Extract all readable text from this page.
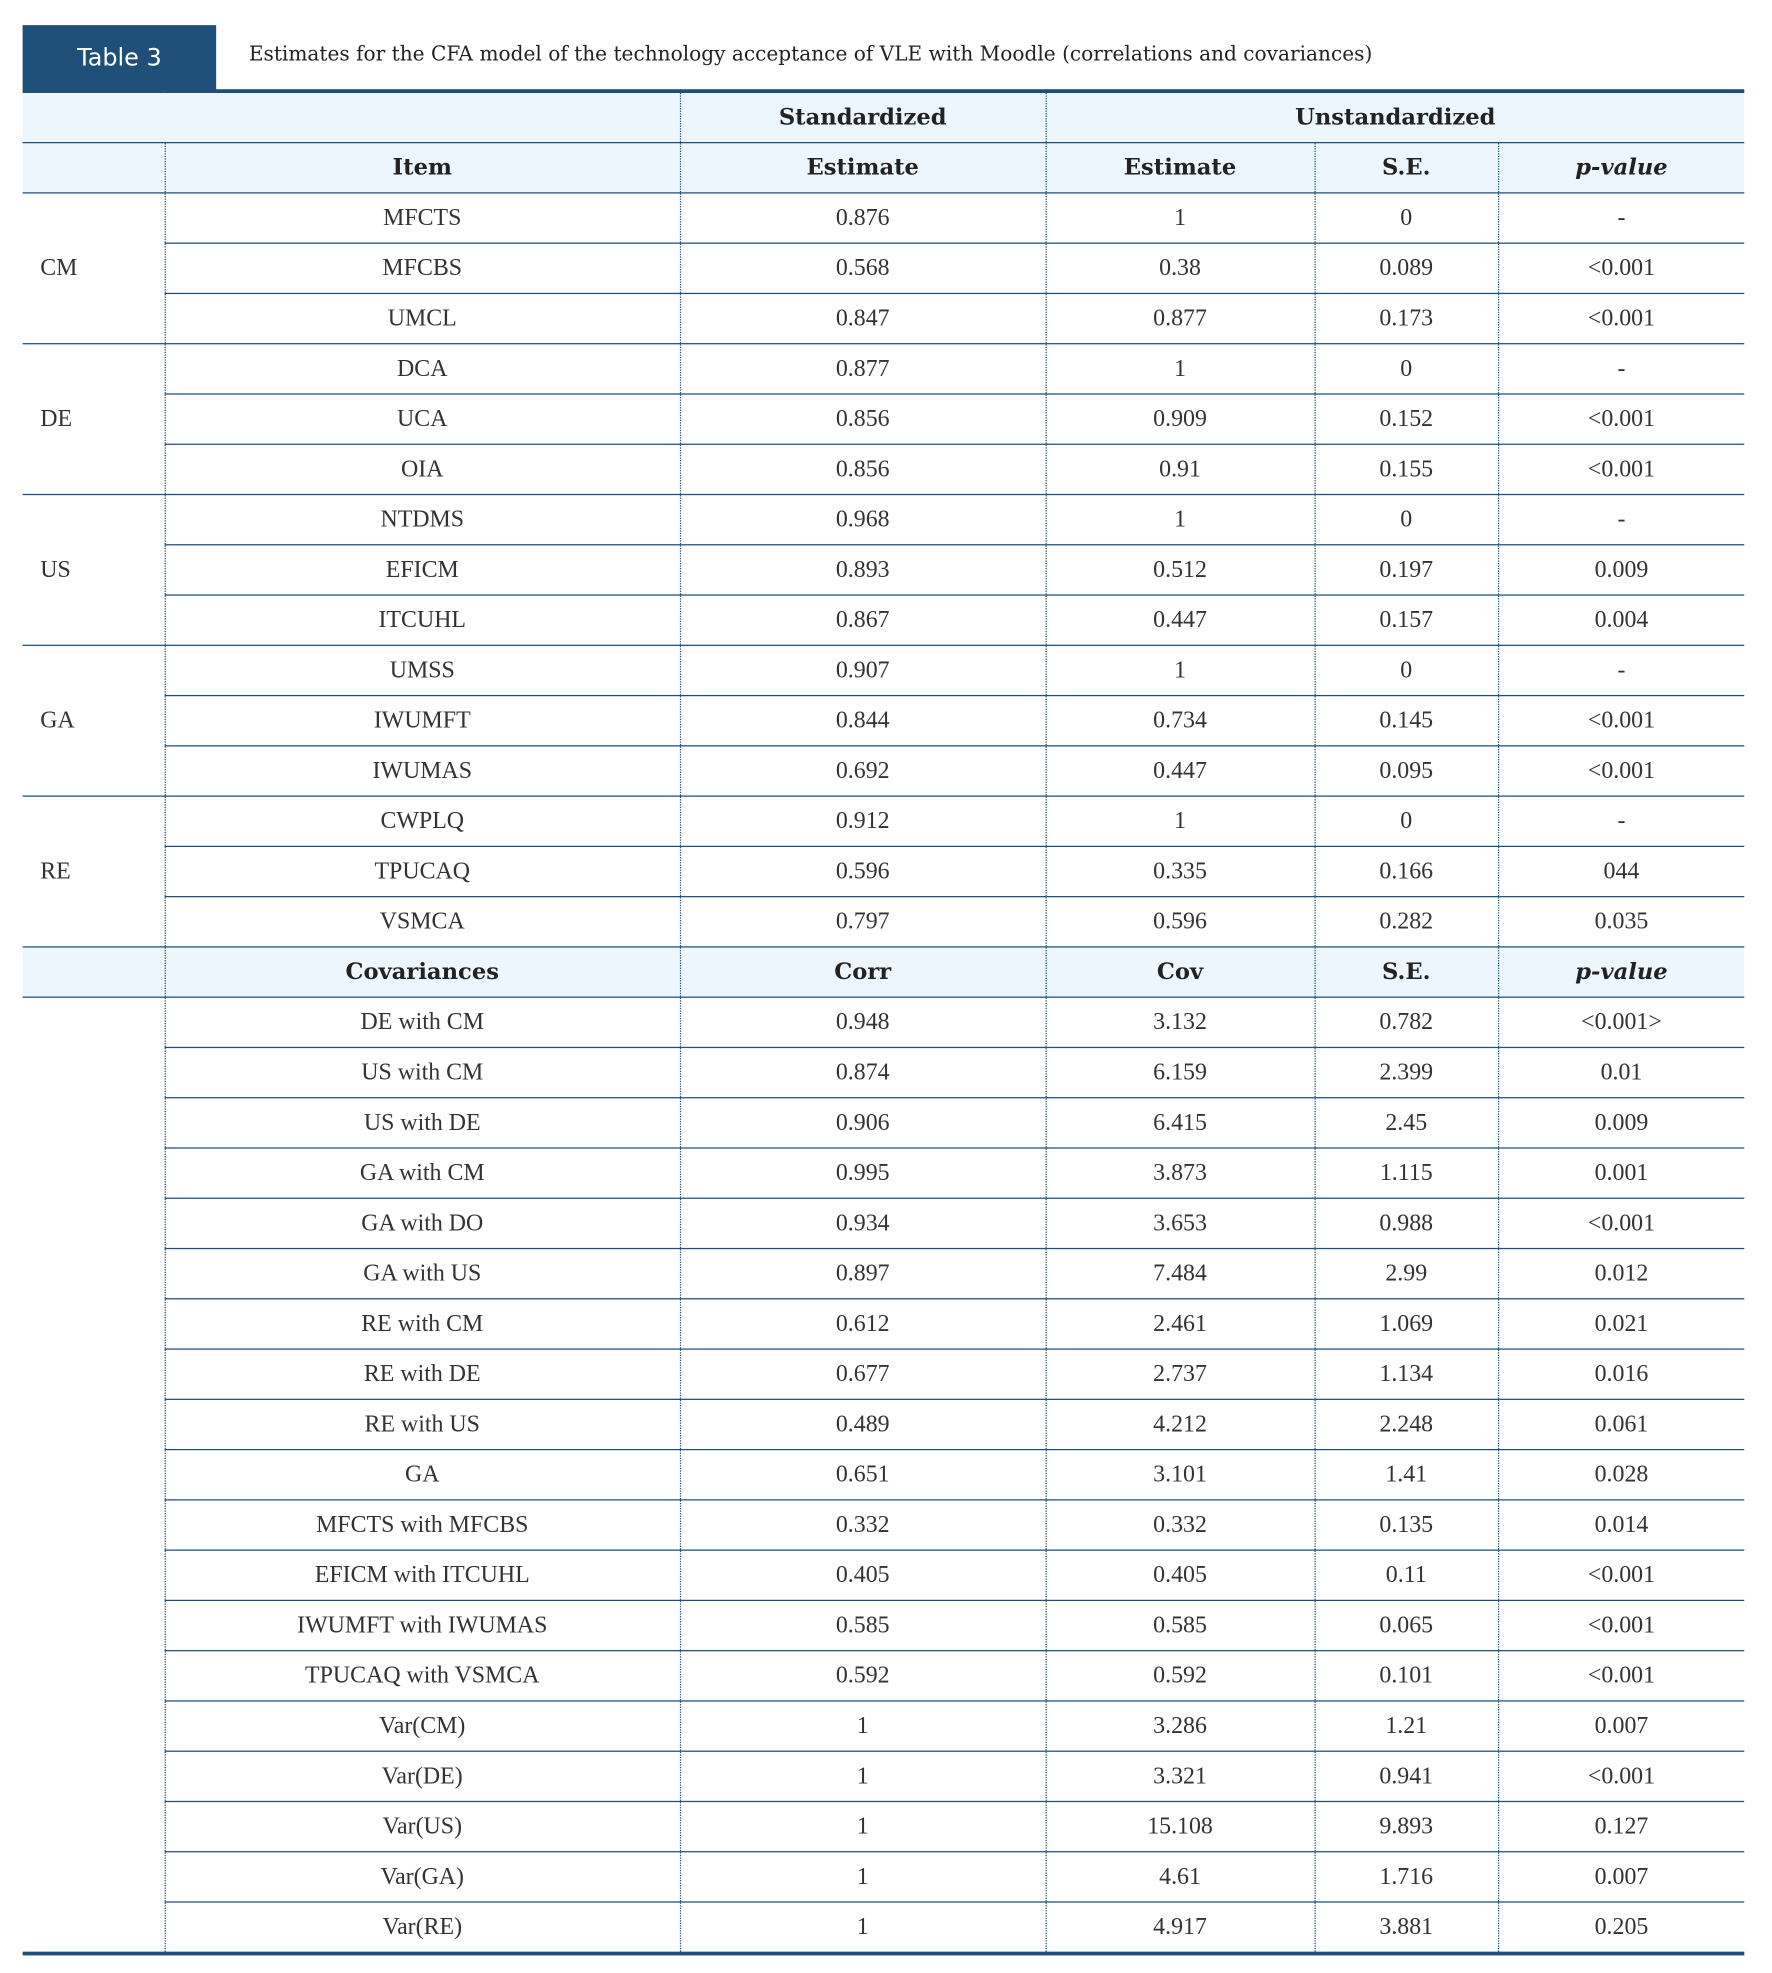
Table 3	Estimates for the CFA model of the technology acceptance of VLE with Moodle (correlations and covariances)
		Standardized	Unstandardized		
	Item	Estimate	Estimate	S.E.	p-value
CM	MFCTS	0.876	1	0	-
	MFCBS	0.568	0.38	0.089	<0.001
	UMCL	0.847	0.877	0.173	<0.001
DE	DCA	0.877	1	0	-
	UCA	0.856	0.909	0.152	<0.001
	OIA	0.856	0.91	0.155	<0.001
US	NTDMS	0.968	1	0	-
	EFICM	0.893	0.512	0.197	0.009
	ITCUHL	0.867	0.447	0.157	0.004
GA	UMSS	0.907	1	0	-
	IWUMFT	0.844	0.734	0.145	<0.001
	IWUMAS	0.692	0.447	0.095	<0.001
RE	CWPLQ	0.912	1	0	-
	TPUCAQ	0.596	0.335	0.166	044
	VSMCA	0.797	0.596	0.282	0.035
	Covariances	Corr	Cov	S.E.	p-value
	DE with CM	0.948	3.132	0.782	<0.001>
	US with CM	0.874	6.159	2.399	0.01
	US with DE	0.906	6.415	2.45	0.009
	GA with CM	0.995	3.873	1.115	0.001
	GA with DO	0.934	3.653	0.988	<0.001
	GA with US	0.897	7.484	2.99	0.012
	RE with CM	0.612	2.461	1.069	0.021
	RE with DE	0.677	2.737	1.134	0.016
	RE with US	0.489	4.212	2.248	0.061
	GA	0.651	3.101	1.41	0.028
	MFCTS with MFCBS	0.332	0.332	0.135	0.014
	EFICM with ITCUHL	0.405	0.405	0.11	<0.001
	IWUMFT with IWUMAS	0.585	0.585	0.065	<0.001
	TPUCAQ with VSMCA	0.592	0.592	0.101	<0.001
	Var(CM)	1	3.286	1.21	0.007
	Var(DE)	1	3.321	0.941	<0.001
	Var(US)	1	15.108	9.893	0.127
	Var(GA)	1	4.61	1.716	0.007
	Var(RE)	1	4.917	3.881	0.205
